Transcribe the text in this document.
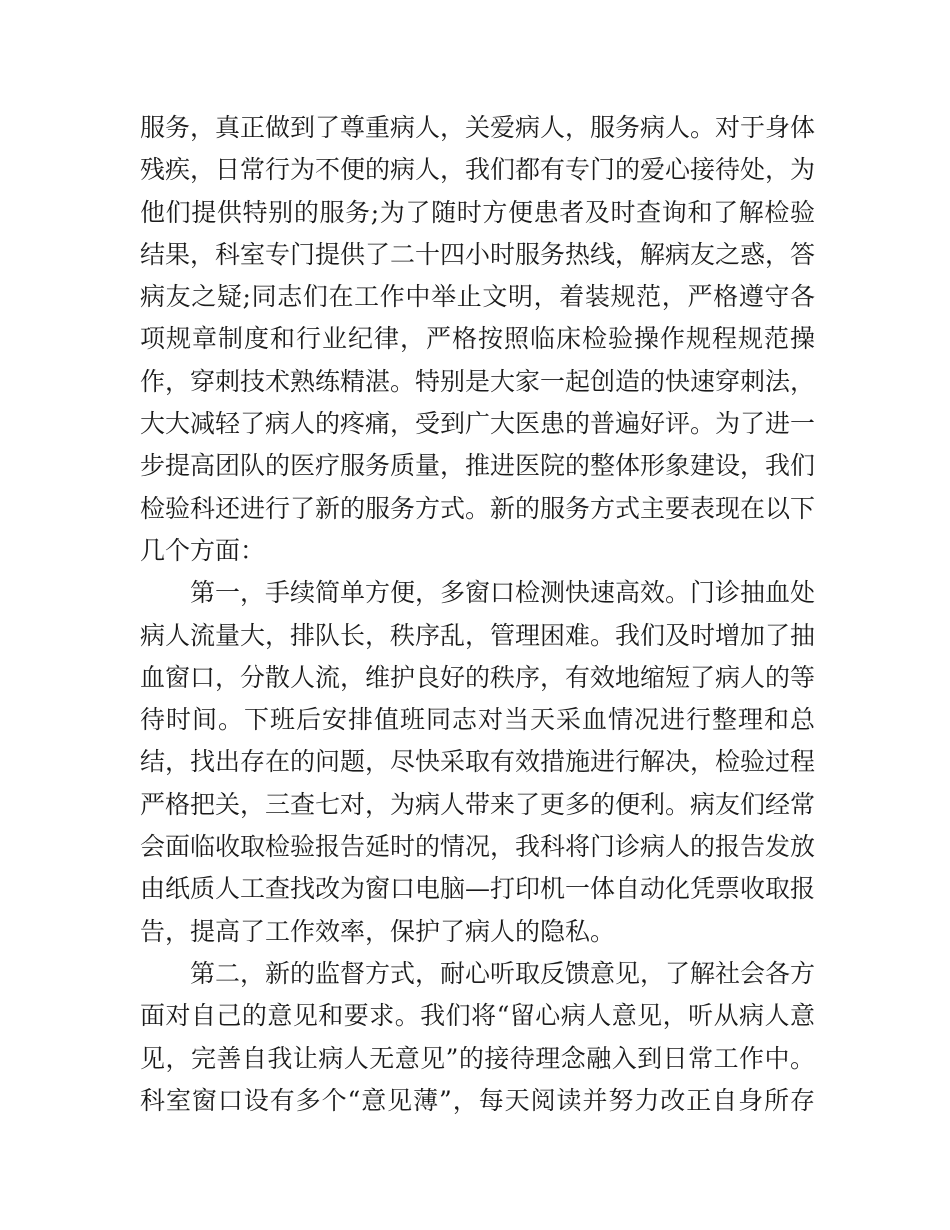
服务，真正做到了尊重病人，关爱病人，服务病人。对于身体
残疾，日常行为不便的病人，我们都有专门的爱心接待处，为
他们提供特别的服务;为了随时方便患者及时查询和了解检验
结果，科室专门提供了二十四小时服务热线，解病友之惑，答
病友之疑;同志们在工作中举止文明，着装规范，严格遵守各
项规章制度和行业纪律，严格按照临床检验操作规程规范操
作，穿刺技术熟练精湛。特别是大家一起创造的快速穿刺法，
大大减轻了病人的疼痛，受到广大医患的普遍好评。为了进一
步提高团队的医疗服务质量，推进医院的整体形象建设，我们
检验科还进行了新的服务方式。新的服务方式主要表现在以下
几个方面：
第一，手续简单方便，多窗口检测快速高效。门诊抽血处
病人流量大，排队长，秩序乱，管理困难。我们及时增加了抽
血窗口，分散人流，维护良好的秩序，有效地缩短了病人的等
待时间。下班后安排值班同志对当天采血情况进行整理和总
结，找出存在的问题，尽快采取有效措施进行解决，检验过程
严格把关，三查七对，为病人带来了更多的便利。病友们经常
会面临收取检验报告延时的情况，我科将门诊病人的报告发放
由纸质人工查找改为窗口电脑—打印机一体自动化凭票收取报
告，提高了工作效率，保护了病人的隐私。
第二，新的监督方式，耐心听取反馈意见，了解社会各方
面对自己的意见和要求。我们将“留心病人意见，听从病人意
见，完善自我让病人无意见”的接待理念融入到日常工作中。
科室窗口设有多个“意见薄”，每天阅读并努力改正自身所存
